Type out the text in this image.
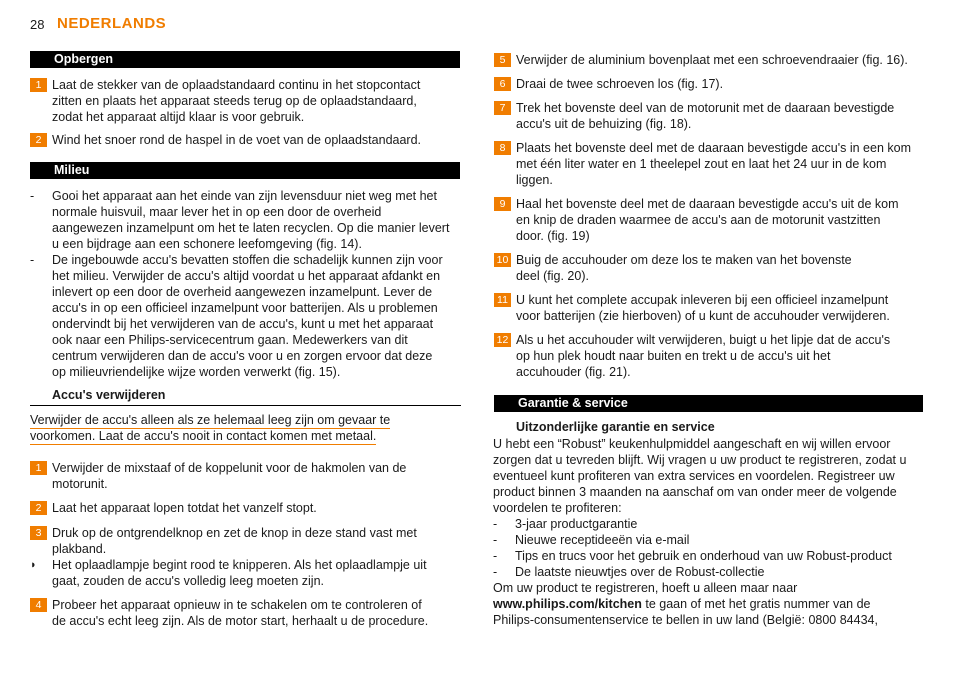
28 NEDERLANDS
Opbergen
1 Laat de stekker van de oplaadstandaard continu in het stopcontact
zitten en plaats het apparaat steeds terug op de oplaadstandaard,
zodat het apparaat altijd klaar is voor gebruik.
2 Wind het snoer rond de haspel in de voet van de oplaadstandaard.
Milieu
- Gooi het apparaat aan het einde van zijn levensduur niet weg met het
normale huisvuil, maar lever het in op een door de overheid
aangewezen inzamelpunt om het te laten recyclen. Op die manier levert
u een bijdrage aan een schonere leefomgeving (fig. 14).
- De ingebouwde accu's bevatten stoffen die schadelijk kunnen zijn voor
het milieu. Verwijder de accu's altijd voordat u het apparaat afdankt en
inlevert op een door de overheid aangewezen inzamelpunt. Lever de
accu's in op een officieel inzamelpunt voor batterijen. Als u problemen
ondervindt bij het verwijderen van de accu's, kunt u met het apparaat
ook naar een Philips-servicecentrum gaan. Medewerkers van dit
centrum verwijderen dan de accu's voor u en zorgen ervoor dat deze
op milieuvriendelijke wijze worden verwerkt (fig. 15).
Accu's verwijderen
Verwijder de accu's alleen als ze helemaal leeg zijn om gevaar te
voorkomen. Laat de accu's nooit in contact komen met metaal.
1 Verwijder de mixstaaf of de koppelunit voor de hakmolen van de
motorunit.
2 Laat het apparaat lopen totdat het vanzelf stopt.
3 Druk op de ontgrendelknop en zet de knop in deze stand vast met
plakband.
◗ Het oplaadlampje begint rood te knipperen. Als het oplaadlampje uit
gaat, zouden de accu's volledig leeg moeten zijn.
4 Probeer het apparaat opnieuw in te schakelen om te controleren of
de accu's echt leeg zijn. Als de motor start, herhaalt u de procedure.
5 Verwijder de aluminium bovenplaat met een schroevendraaier (fig. 16).
6 Draai de twee schroeven los (fig. 17).
7 Trek het bovenste deel van de motorunit met de daaraan bevestigde
accu's uit de behuizing (fig. 18).
8 Plaats het bovenste deel met de daaraan bevestigde accu's in een kom
met één liter water en 1 theelepel zout en laat het 24 uur in de kom
liggen.
9 Haal het bovenste deel met de daaraan bevestigde accu's uit de kom
en knip de draden waarmee de accu's aan de motorunit vastzitten
door. (fig. 19)
10 Buig de accuhouder om deze los te maken van het bovenste
deel (fig. 20).
11 U kunt het complete accupak inleveren bij een officieel inzamelpunt
voor batterijen (zie hierboven) of u kunt de accuhouder verwijderen.
12 Als u het accuhouder wilt verwijderen, buigt u het lipje dat de accu's
op hun plek houdt naar buiten en trekt u de accu's uit het
accuhouder (fig. 21).
Garantie & service
Uitzonderlijke garantie en service
U hebt een “Robust” keukenhulpmiddel aangeschaft en wij willen ervoor
zorgen dat u tevreden blijft. Wij vragen u uw product te registreren, zodat u
eventueel kunt profiteren van extra services en voordelen. Registreer uw
product binnen 3 maanden na aanschaf om van onder meer de volgende
voordelen te profiteren:
- 3-jaar productgarantie
- Nieuwe receptideeën via e-mail
- Tips en trucs voor het gebruik en onderhoud van uw Robust-product
- De laatste nieuwtjes over de Robust-collectie
Om uw product te registreren, hoeft u alleen maar naar
www.philips.com/kitchen te gaan of met het gratis nummer van de
Philips-consumentenservice te bellen in uw land (België: 0800 84434,
